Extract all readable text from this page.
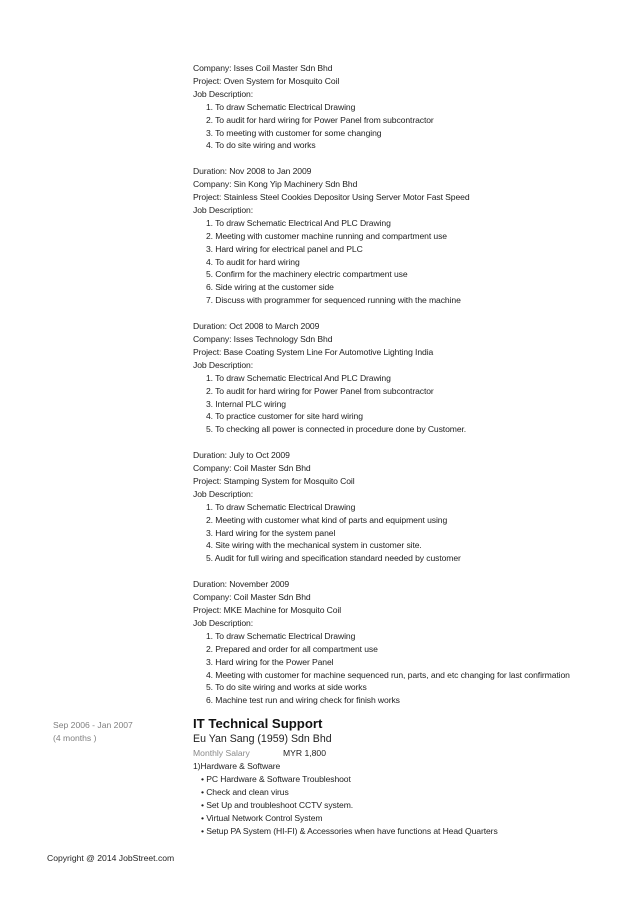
Company: Isses Coil Master Sdn Bhd
Project: Oven System for Mosquito Coil
Job Description:
1. To draw Schematic Electrical Drawing
2. To audit for hard wiring for Power Panel from subcontractor
3. To meeting with customer for some changing
4. To do site wiring and works
Duration: Nov 2008 to Jan 2009
Company: Sin Kong Yip Machinery Sdn Bhd
Project: Stainless Steel Cookies Depositor Using Server Motor Fast Speed
Job Description:
1. To draw Schematic Electrical And PLC Drawing
2. Meeting with customer machine running and compartment use
3. Hard wiring for electrical panel and PLC
4. To audit for hard wiring
5. Confirm for the machinery electric compartment use
6. Side wiring at the customer side
7. Discuss with programmer for sequenced running with the machine
Duration: Oct 2008 to March 2009
Company: Isses Technology Sdn Bhd
Project: Base Coating System Line For Automotive Lighting India
Job Description:
1. To draw Schematic Electrical And PLC Drawing
2. To audit for hard wiring for Power Panel from subcontractor
3. Internal PLC wiring
4. To practice customer for site hard wiring
5. To checking all power is connected in procedure done by Customer.
Duration: July to Oct 2009
Company: Coil Master Sdn Bhd
Project: Stamping System for Mosquito Coil
Job Description:
1. To draw Schematic Electrical Drawing
2. Meeting with customer what kind of parts and equipment using
3. Hard wiring for the system panel
4. Site wiring with the mechanical system in customer site.
5. Audit for full wiring and specification standard needed by customer
Duration: November 2009
Company: Coil Master Sdn Bhd
Project: MKE Machine for Mosquito Coil
Job Description:
1. To draw Schematic Electrical Drawing
2. Prepared and order for all compartment use
3. Hard wiring for the Power Panel
4. Meeting with customer for machine sequenced run, parts, and etc changing for last confirmation
5. To do site wiring and works at side works
6. Machine test run and wiring check for finish works
Sep 2006 - Jan 2007
(4 months )
IT Technical Support
Eu Yan Sang (1959) Sdn Bhd
Monthly Salary	MYR 1,800
1)Hardware & Software
• PC Hardware & Software Troubleshoot
• Check and clean virus
• Set Up and troubleshoot CCTV system.
• Virtual Network Control System
• Setup PA System (HI-FI) & Accessories when have functions at Head Quarters
Copyright @ 2014 JobStreet.com
